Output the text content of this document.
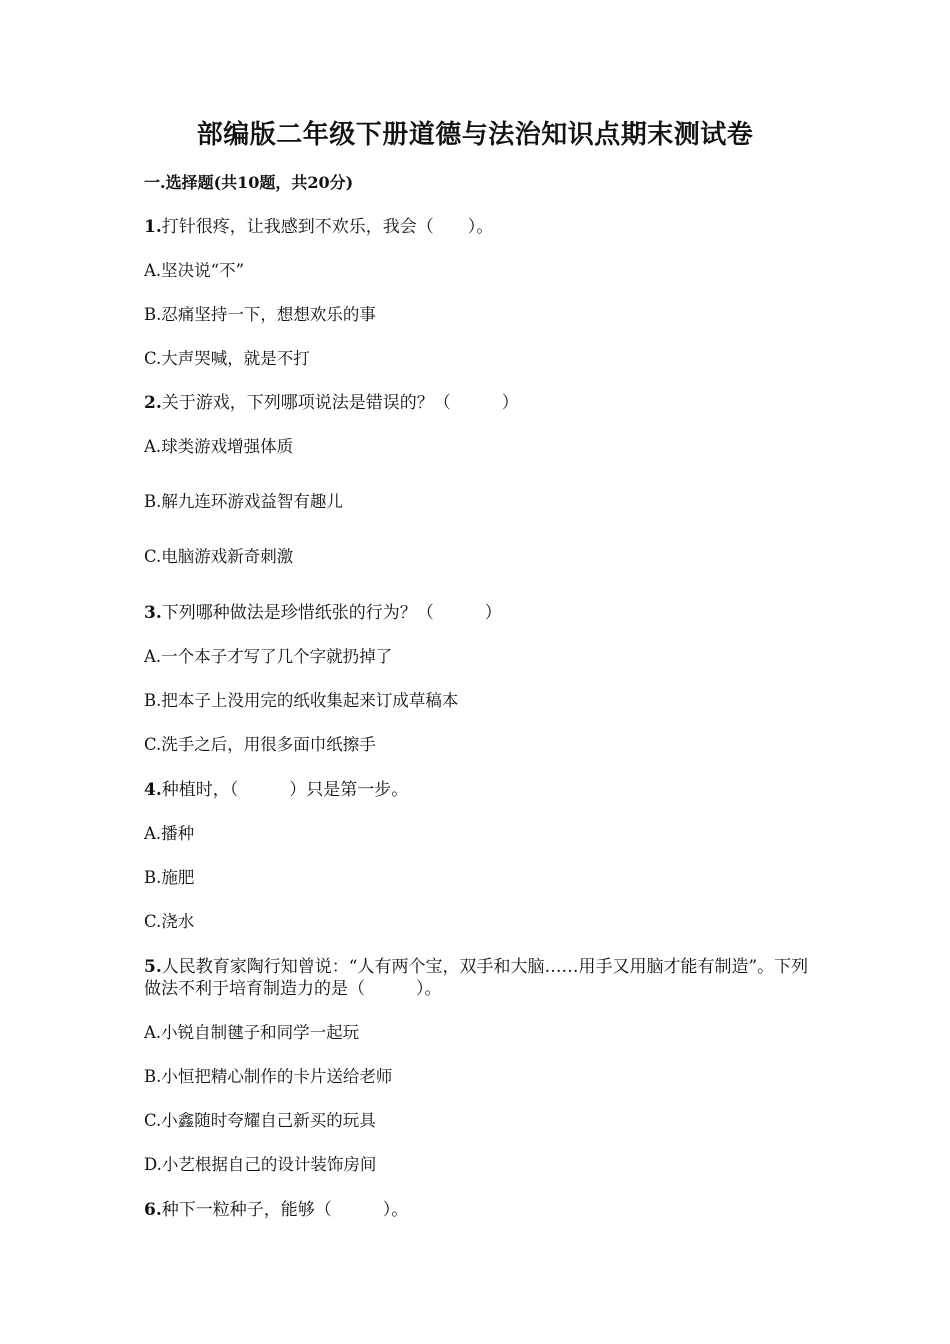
部编版二年级下册道德与法治知识点期末测试卷
一.选择题(共10题，共20分)

1.打针很疼，让我感到不欢乐，我会（　　）。

A.坚决说“不”

B.忍痛坚持一下，想想欢乐的事

C.大声哭喊，就是不打

2.关于游戏，下列哪项说法是错误的？（　　　）

A.球类游戏增强体质

B.解九连环游戏益智有趣儿

C.电脑游戏新奇刺激

3.下列哪种做法是珍惜纸张的行为？（　　　）

A.一个本子才写了几个字就扔掉了

B.把本子上没用完的纸收集起来订成草稿本

C.洗手之后，用很多面巾纸擦手

4.种植时，（　　　）只是第一步。

A.播种

B.施肥

C.浇水

5.人民教育家陶行知曾说：“人有两个宝，双手和大脑……用手又用脑才能有制造”。下列做法不利于培育制造力的是（　　　）。

A.小锐自制毽子和同学一起玩

B.小恒把精心制作的卡片送给老师

C.小鑫随时夸耀自己新买的玩具

D.小艺根据自己的设计装饰房间

6.种下一粒种子，能够（　　　）。
